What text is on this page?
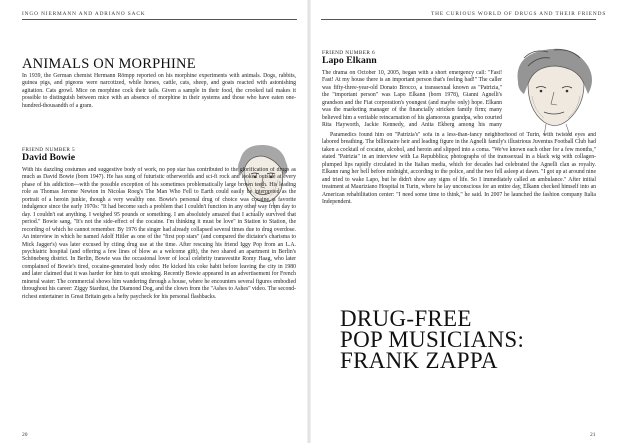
INGO NIERMANN AND ADRIANO SACK	THE CURIOUS WORLD OF DRUGS AND THEIR FRIENDS
ANIMALS ON MORPHINE

In 1939, the German chemist Hermann Römpp reported on his morphine experiments with animals. Dogs, rabbits, guinea pigs, and pigeons were narcotized, while horses, cattle, cats, sheep, and goats reacted with astonishing agitation. Cats growl. Mice on morphine cock their tails. Given a sample in their food, the crooked tail makes it possible to distinguish between mice with an absence of morphine in their systems and those who have eaten one-hundred-thousandth of a gram.

FRIEND NUMBER 5
David Bowie

With his dazzling costumes and suggestive body of work, no pop star has contributed to the glorification of drugs as much as David Bowie (born 1947). He has sung of futuristic otherworlds and sci-fi rock and looked outside at every phase of his addiction—with the possible exception of his sometimes problematically large brown teeth. His leading role as Thomas Jerome Newton in Nicolas Roeg's The Man Who Fell to Earth could easily be interpreted as the portrait of a heroin junkie, though a very wealthy one. Bowie's personal drug of choice was cocaine, a favorite indulgence since the early 1970s: "It had become such a problem that I couldn't function in any other way from day to day. I couldn't eat anything. I weighed 95 pounds or something. I am absolutely amazed that I actually survived that period." Bowie sang, "It's not the side-effect of the cocaine. I'm thinking it must be love" in Station to Station, the recording of which he cannot remember. By 1976 the singer had already collapsed several times due to drug overdose. An interview in which he named Adolf Hitler as one of the "first pop stars" (and compared the dictator's charisma to Mick Jagger's) was later excused by citing drug use at the time. After rescuing his friend Iggy Pop from an L.A. psychiatric hospital (and offering a few lines of blow as a welcome gift), the two shared an apartment in Berlin's Schöneberg district. In Berlin, Bowie was the occasional lover of local celebrity transvestite Romy Haag, who later complained of Bowie's tired, cocaine-generated body odor. He kicked his coke habit before leaving the city in 1980 and later claimed that it was harder for him to quit smoking. Recently Bowie appeared in an advertisement for French mineral water: The commercial shows him wandering through a house, where he encounters several figures embodied throughout his career: Ziggy Stardust, the Diamond Dog, and the clown from the "Ashes to Ashes" video. The second-richest entertainer in Great Britain gets a hefty paycheck for his personal flashbacks.

20
FRIEND NUMBER 6
Lapo Elkann

The drama on October 10, 2005, began with a short emergency call: "Fast! Fast! At my house there is an important person that's feeling bad!" The caller was fifty-three-year-old Donato Brocco, a transsexual known as "Patrizia," the "important person" was Lapo Elkann (born 1978), Gianni Agnelli's grandson and the Fiat corporation's youngest (and maybe only) hope. Elkann was the marketing manager of the financially stricken family firm; many believed him a veritable reincarnation of his glamorous grandpa, who courted Rita Hayworth, Jackie Kennedy, and Anita Ekberg among his many

Paramedics found him on "Patrizia's" sofa in a less-than-fancy neighborhood of Turin, with twisted eyes and labored breathing. The billionaire heir and leading figure in the Agnelli family's illustrious Juventus Football Club had taken a cocktail of cocaine, alcohol, and heroin and slipped into a coma. "We've known each other for a few months," stated "Patrizia" in an interview with La Repubblica; photographs of the transsexual in a black wig with collagen-plumped lips rapidly circulated in the Italian media, which for decades had celebrated the Agnelli clan as royalty. Elkann rang her bell before midnight, according to the police, and the two fell asleep at dawn. "I got up at around nine and tried to wake Lapo, but he didn't show any signs of life. So I immediately called an ambulance." After initial treatment at Mauriziano Hospital in Turin, where he lay unconscious for an entire day, Elkann checked himself into an American rehabilitation center: "I need some time to think," he said. In 2007 he launched the fashion company Italia Independent.

DRUG-FREE
POP MUSICIANS:
FRANK ZAPPA
21
